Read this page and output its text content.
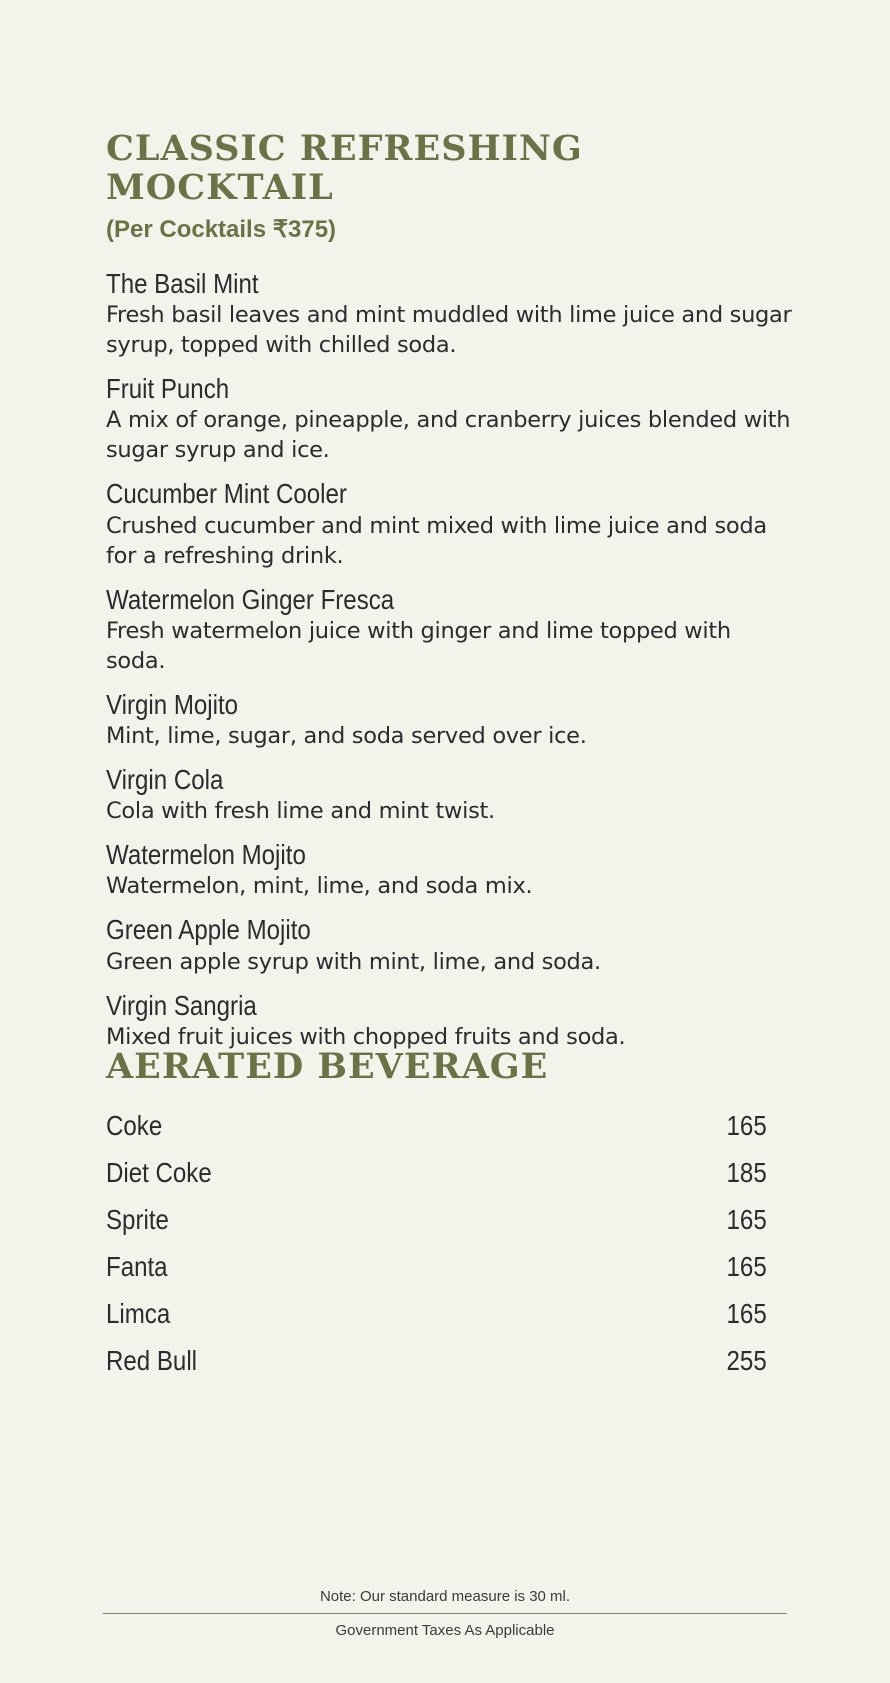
CLASSIC REFRESHING MOCKTAIL
(Per Cocktails ₹375)
The Basil Mint
Fresh basil leaves and mint muddled with lime juice and sugar syrup, topped with chilled soda.
Fruit Punch
A mix of orange, pineapple, and cranberry juices blended with sugar syrup and ice.
Cucumber Mint Cooler
Crushed cucumber and mint mixed with lime juice and soda for a refreshing drink.
Watermelon Ginger Fresca
Fresh watermelon juice with ginger and lime topped with soda.
Virgin Mojito
Mint, lime, sugar, and soda served over ice.
Virgin Cola
Cola with fresh lime and mint twist.
Watermelon Mojito
Watermelon, mint, lime, and soda mix.
Green Apple Mojito
Green apple syrup with mint, lime, and soda.
Virgin Sangria
Mixed fruit juices with chopped fruits and soda.
AERATED BEVERAGE
Coke	165
Diet Coke	185
Sprite	165
Fanta	165
Limca	165
Red Bull	255
Note: Our standard measure is 30 ml.
Government Taxes As Applicable
